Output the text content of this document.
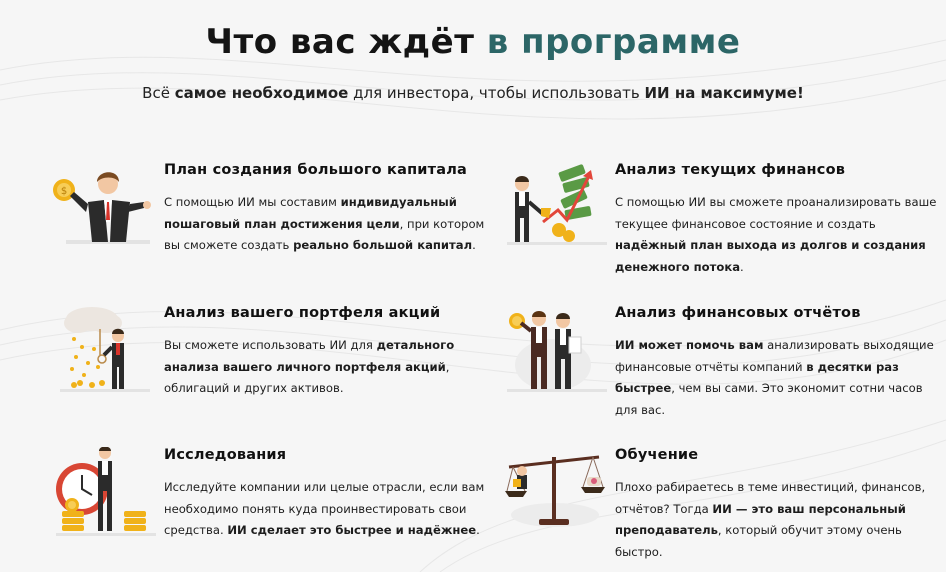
Что вас ждёт в программе

Всё самое необходимое для инвестора, чтобы использовать ИИ на максимуме!

$
План создания большого капитала
С помощью ИИ мы составим индивидуальный пошаговый план достижения цели, при котором вы сможете создать реально большой капитал.
Анализ текущих финансов
С помощью ИИ вы сможете проанализировать ваше текущее финансовое состояние и создать надёжный план выхода из долгов и создания денежного потока.
Анализ вашего портфеля акций
Вы сможете использовать ИИ для детального анализа вашего личного портфеля акций, облигаций и других активов.
Анализ финансовых отчётов
ИИ может помочь вам анализировать выходящие финансовые отчёты компаний в десятки раз быстрее, чем вы сами. Это экономит сотни часов для вас.
Исследования
Исследуйте компании или целые отрасли, если вам необходимо понять куда проинвестировать свои средства. ИИ сделает это быстрее и надёжнее.
Обучение
Плохо рабираетесь в теме инвестиций, финансов, отчётов? Тогда ИИ — это ваш персональный преподаватель, который обучит этому очень быстро.
